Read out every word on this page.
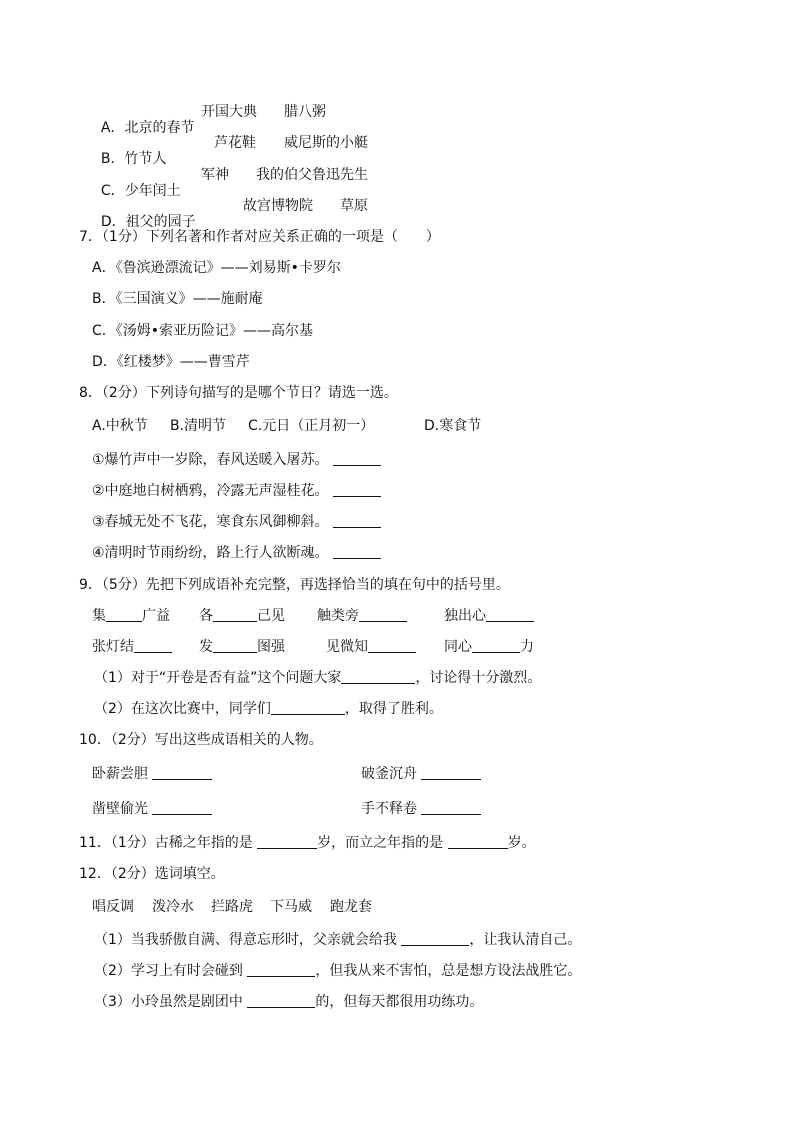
A．北京的春节

开国大典 腊八粥

B．竹节人

芦花鞋 威尼斯的小艇

C．少年闰土

军神 我的伯父鲁迅先生

D．祖父的园子

故宫博物院 草原
7．（1分）下列名著和作者对应关系正确的一项是（　　）
A．《鲁滨逊漂流记》——刘易斯•卡罗尔
B．《三国演义》——施耐庵
C．《汤姆•索亚历险记》——高尔基
D．《红楼梦》——曹雪芹
8．（2分）下列诗句描写的是哪个节日？请选一选。
A.中秋节 B.清明节 C.元日（正月初一）	D.寒食节
①爆竹声中一岁除，春风送暖入屠苏。
②中庭地白树栖鸦，冷露无声湿桂花。
③春城无处不飞花，寒食东风御柳斜。
④清明时节雨纷纷，路上行人欲断魂。
9．（5分）先把下列成语补充完整，再选择恰当的填在句中的括号里。
集	广益 各	己见 触类旁	独出心
张灯结	发	图强	见微知	同心	力
（1）对于“开卷是否有益”这个问题大家	，讨论得十分激烈。
（2）在这次比赛中，同学们	，取得了胜利。
10．（2分）写出这些成语相关的人物。
卧薪尝胆	破釜沉舟
凿壁偷光	手不释卷
11．（1分）古稀之年指的是	岁，而立之年指的是	岁。
12．（2分）选词填空。
唱反调 泼冷水 拦路虎 下马威 跑龙套
（1）当我骄傲自满、得意忘形时，父亲就会给我	，让我认清自己。
（2）学习上有时会碰到	，但我从来不害怕，总是想方设法战胜它。
（3）小玲虽然是剧团中	的，但每天都很用功练功。
